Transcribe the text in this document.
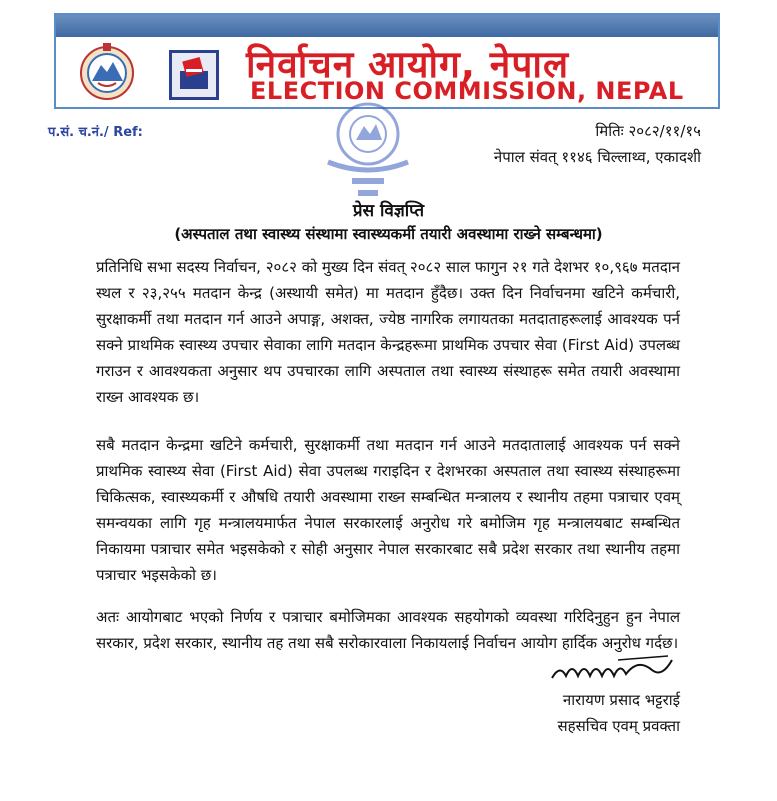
निर्वाचन आयोग, नेपाल
ELECTION COMMISSION, NEPAL
प.सं. च.नं./ Ref:	मितिः २०८२/११/१५
नेपाल संवत् ११४६ चिल्लाथ्व, एकादशी
प्रेस विज्ञप्ति
(अस्पताल तथा स्वास्थ्य संस्थामा स्वास्थ्यकर्मी तयारी अवस्थामा राख्ने सम्बन्धमा)

प्रतिनिधि सभा सदस्य निर्वाचन, २०८२ को मुख्य दिन संवत् २०८२ साल फागुन २१ गते देशभर १०,९६७ मतदान स्थल र २३,२५५ मतदान केन्द्र (अस्थायी समेत) मा मतदान हुँदैछ। उक्त दिन निर्वाचनमा खटिने कर्मचारी, सुरक्षाकर्मी तथा मतदान गर्न आउने अपाङ्ग, अशक्त, ज्येष्ठ नागरिक लगायतका मतदाताहरूलाई आवश्यक पर्न सक्ने प्राथमिक स्वास्थ्य उपचार सेवाका लागि मतदान केन्द्रहरूमा प्राथमिक उपचार सेवा (First Aid) उपलब्ध गराउन र आवश्यकता अनुसार थप उपचारका लागि अस्पताल तथा स्वास्थ्य संस्थाहरू समेत तयारी अवस्थामा राख्न आवश्यक छ।

सबै मतदान केन्द्रमा खटिने कर्मचारी, सुरक्षाकर्मी तथा मतदान गर्न आउने मतदातालाई आवश्यक पर्न सक्ने प्राथमिक स्वास्थ्य सेवा (First Aid) सेवा उपलब्ध गराइदिन र देशभरका अस्पताल तथा स्वास्थ्य संस्थाहरूमा चिकित्सक, स्वास्थ्यकर्मी र औषधि तयारी अवस्थामा राख्न सम्बन्धित मन्त्रालय र स्थानीय तहमा पत्राचार एवम् समन्वयका लागि गृह मन्त्रालयमार्फत नेपाल सरकारलाई अनुरोध गरे बमोजिम गृह मन्त्रालयबाट सम्बन्धित निकायमा पत्राचार समेत भइसकेको र सोही अनुसार नेपाल सरकारबाट सबै प्रदेश सरकार तथा स्थानीय तहमा पत्राचार भइसकेको छ।

अतः आयोगबाट भएको निर्णय र पत्राचार बमोजिमका आवश्यक सहयोगको व्यवस्था गरिदिनुहुन हुन नेपाल सरकार, प्रदेश सरकार, स्थानीय तह तथा सबै सरोकारवाला निकायलाई निर्वाचन आयोग हार्दिक अनुरोध गर्दछ।

नारायण प्रसाद भट्टराई
सहसचिव एवम् प्रवक्ता
